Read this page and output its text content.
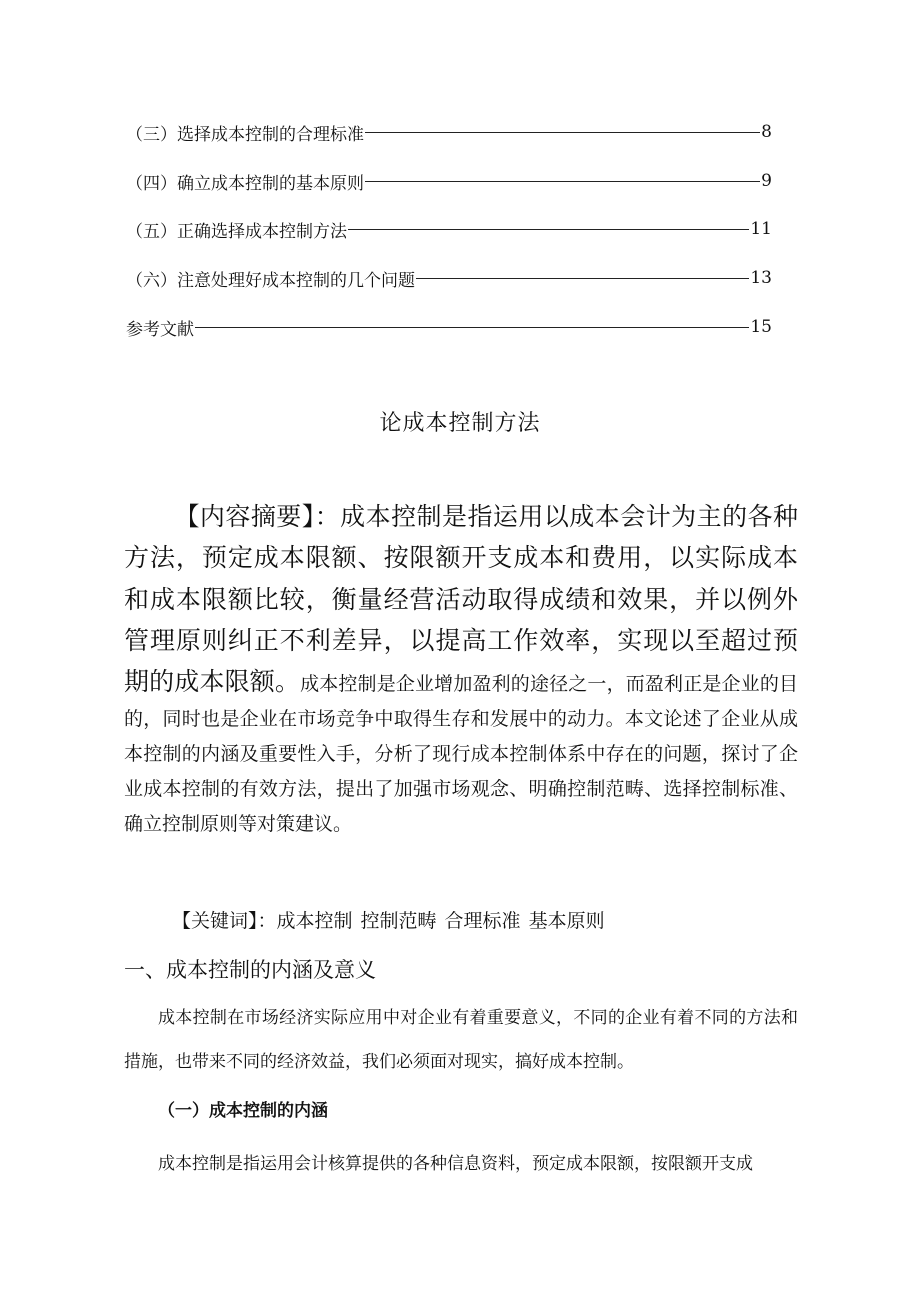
（三）选择成本控制的合理标准	8
（四）确立成本控制的基本原则	9
（五）正确选择成本控制方法	11
（六）注意处理好成本控制的几个问题	13
参考文献	15
论成本控制方法

【内容摘要】：成本控制是指运用以成本会计为主的各种方法，预定成本限额、按限额开支成本和费用，以实际成本和成本限额比较，衡量经营活动取得成绩和效果，并以例外管理原则纠正不利差异，以提高工作效率，实现以至超过预期的成本限额。成本控制是企业增加盈利的途径之一，而盈利正是企业的目的，同时也是企业在市场竞争中取得生存和发展中的动力。本文论述了企业从成本控制的内涵及重要性入手，分析了现行成本控制体系中存在的问题，探讨了企业成本控制的有效方法，提出了加强市场观念、明确控制范畴、选择控制标准、确立控制原则等对策建议。

【关键词】：成本控制 控制范畴 合理标准 基本原则
一、成本控制的内涵及意义

成本控制在市场经济实际应用中对企业有着重要意义，不同的企业有着不同的方法和措施，也带来不同的经济效益，我们必须面对现实，搞好成本控制。

（一）成本控制的内涵

成本控制是指运用会计核算提供的各种信息资料，预定成本限额，按限额开支成
